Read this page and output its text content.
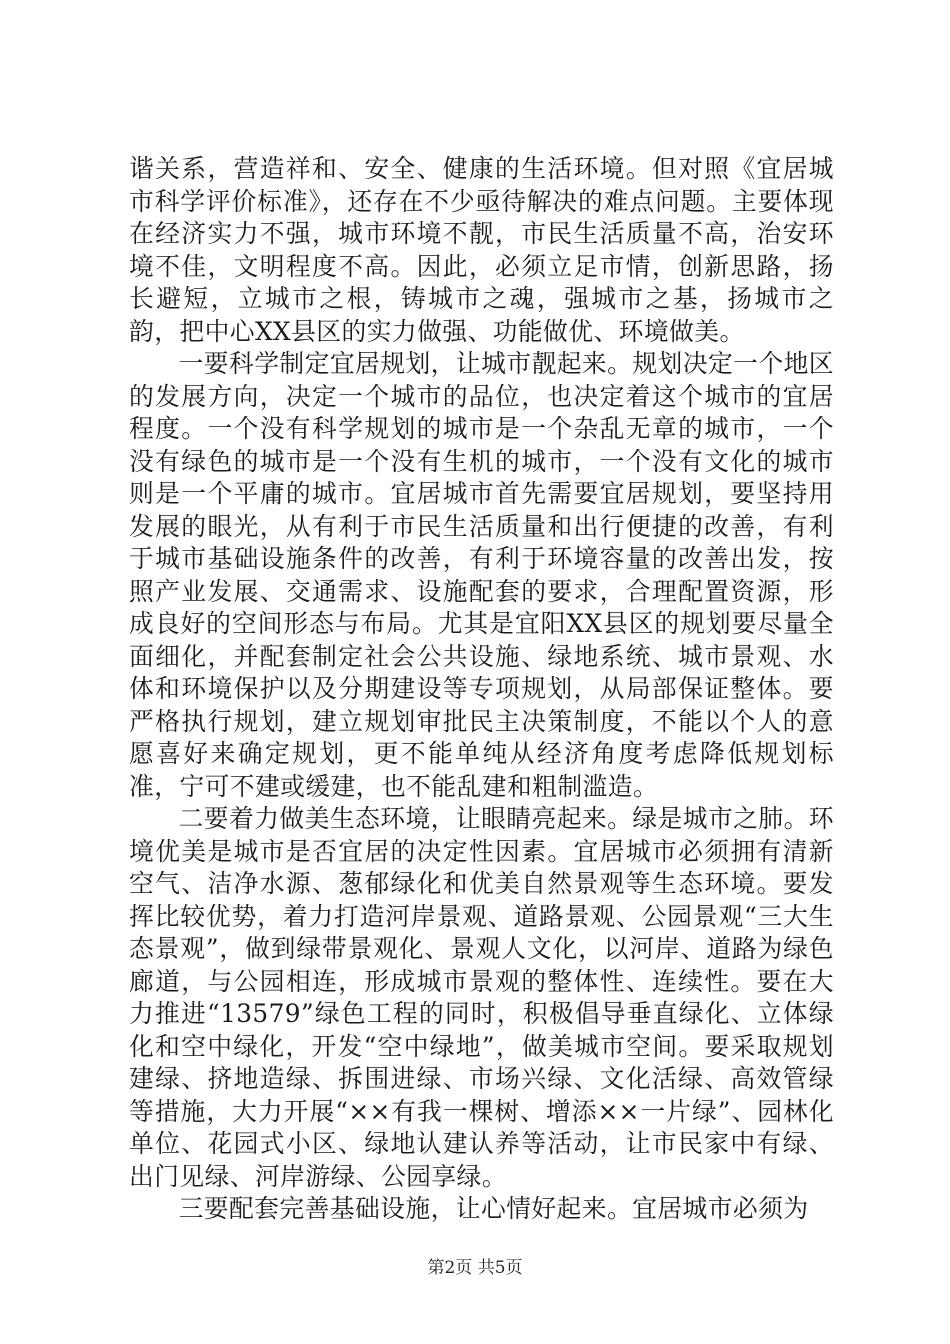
谐关系，营造祥和、安全、健康的生活环境。但对照《宜居城市科学评价标准》，还存在不少亟待解决的难点问题。主要体现在经济实力不强，城市环境不靓，市民生活质量不高，治安环境不佳，文明程度不高。因此，必须立足市情，创新思路，扬长避短，立城市之根，铸城市之魂，强城市之基，扬城市之韵，把中心XX县区的实力做强、功能做优、环境做美。

一要科学制定宜居规划，让城市靓起来。规划决定一个地区的发展方向，决定一个城市的品位，也决定着这个城市的宜居程度。一个没有科学规划的城市是一个杂乱无章的城市，一个没有绿色的城市是一个没有生机的城市，一个没有文化的城市则是一个平庸的城市。宜居城市首先需要宜居规划，要坚持用发展的眼光，从有利于市民生活质量和出行便捷的改善，有利于城市基础设施条件的改善，有利于环境容量的改善出发，按照产业发展、交通需求、设施配套的要求，合理配置资源，形成良好的空间形态与布局。尤其是宜阳XX县区的规划要尽量全面细化，并配套制定社会公共设施、绿地系统、城市景观、水体和环境保护以及分期建设等专项规划，从局部保证整体。要严格执行规划，建立规划审批民主决策制度，不能以个人的意愿喜好来确定规划，更不能单纯从经济角度考虑降低规划标准，宁可不建或缓建，也不能乱建和粗制滥造。

二要着力做美生态环境，让眼睛亮起来。绿是城市之肺。环境优美是城市是否宜居的决定性因素。宜居城市必须拥有清新空气、洁净水源、葱郁绿化和优美自然景观等生态环境。要发挥比较优势，着力打造河岸景观、道路景观、公园景观“三大生态景观”，做到绿带景观化、景观人文化，以河岸、道路为绿色廊道，与公园相连，形成城市景观的整体性、连续性。要在大力推进“13579”绿色工程的同时，积极倡导垂直绿化、立体绿化和空中绿化，开发“空中绿地”，做美城市空间。要采取规划建绿、挤地造绿、拆围进绿、市场兴绿、文化活绿、高效管绿等措施，大力开展“××有我一棵树、增添××一片绿”、园林化单位、花园式小区、绿地认建认养等活动，让市民家中有绿、出门见绿、河岸游绿、公园享绿。

三要配套完善基础设施，让心情好起来。宜居城市必须为

第2页 共5页
